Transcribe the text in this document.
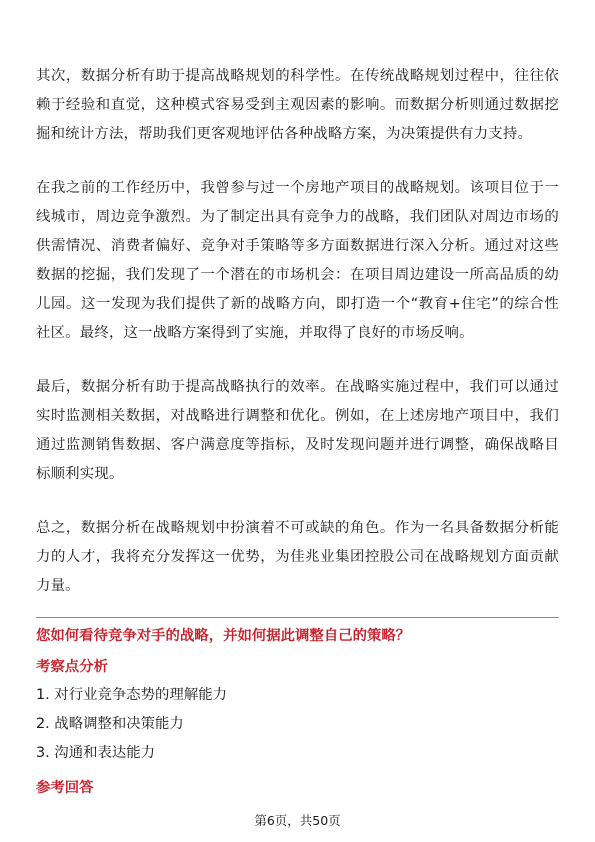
其次，数据分析有助于提高战略规划的科学性。在传统战略规划过程中，往往依赖于经验和直觉，这种模式容易受到主观因素的影响。而数据分析则通过数据挖掘和统计方法，帮助我们更客观地评估各种战略方案，为决策提供有力支持。

在我之前的工作经历中，我曾参与过一个房地产项目的战略规划。该项目位于一线城市，周边竞争激烈。为了制定出具有竞争力的战略，我们团队对周边市场的供需情况、消费者偏好、竞争对手策略等多方面数据进行深入分析。通过对这些数据的挖掘，我们发现了一个潜在的市场机会：在项目周边建设一所高品质的幼儿园。这一发现为我们提供了新的战略方向，即打造一个“教育+住宅”的综合性社区。最终，这一战略方案得到了实施，并取得了良好的市场反响。

最后，数据分析有助于提高战略执行的效率。在战略实施过程中，我们可以通过实时监测相关数据，对战略进行调整和优化。例如，在上述房地产项目中，我们通过监测销售数据、客户满意度等指标，及时发现问题并进行调整，确保战略目标顺利实现。

总之，数据分析在战略规划中扮演着不可或缺的角色。作为一名具备数据分析能力的人才，我将充分发挥这一优势，为佳兆业集团控股公司在战略规划方面贡献力量。

您如何看待竞争对手的战略，并如何据此调整自己的策略？

考察点分析

1. 对行业竞争态势的理解能力
2. 战略调整和决策能力
3. 沟通和表达能力

参考回答

第6页，共50页
